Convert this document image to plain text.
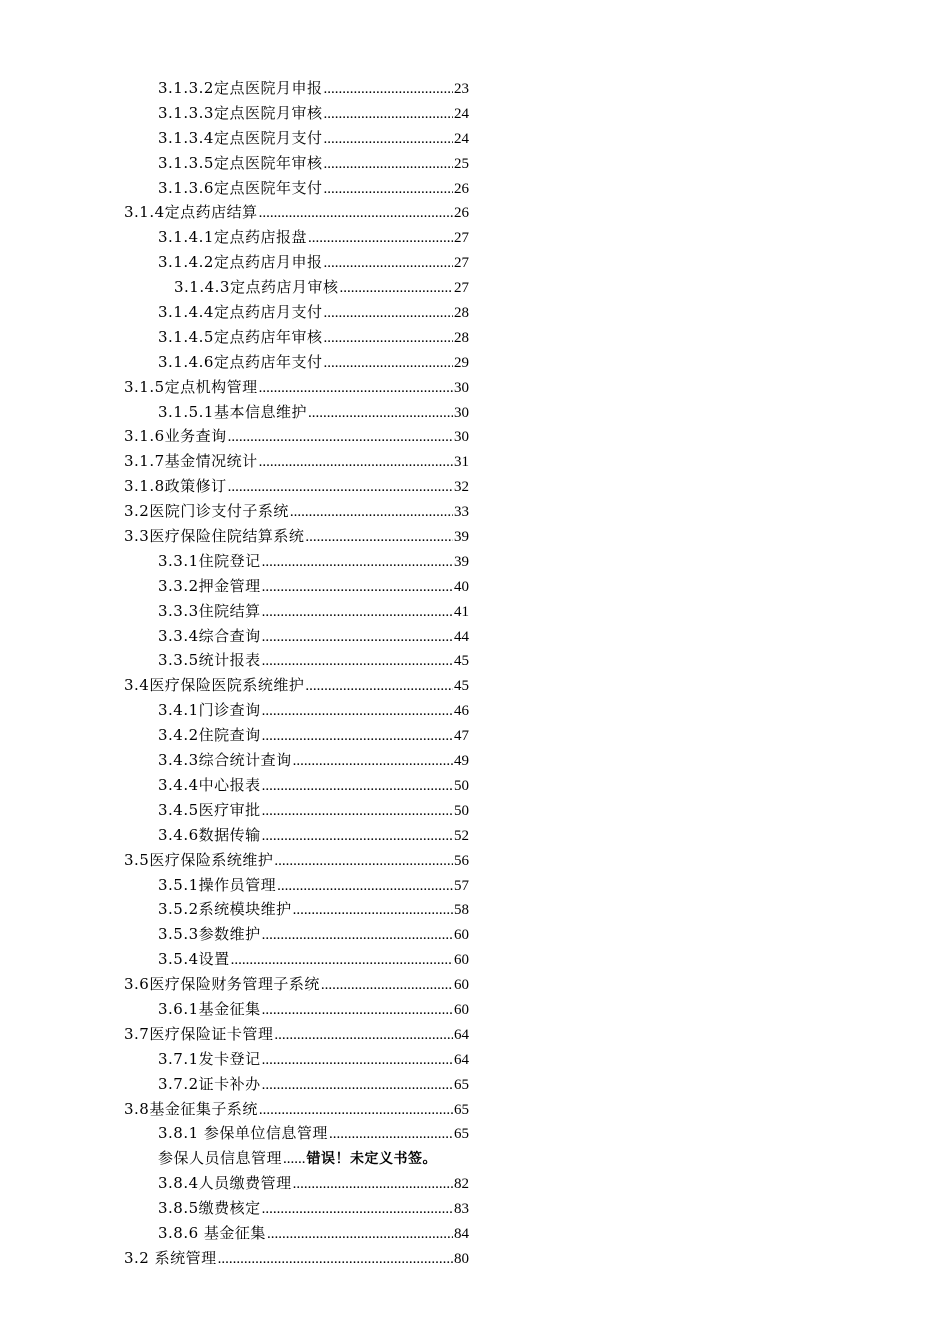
3.1.3.2定点医院月申报 .....	23
3.1.3.3定点医院月审核 .....	24
3.1.3.4定点医院月支付 .....	24
3.1.3.5定点医院年审核 .....	25
3.1.3.6定点医院年支付 .....	26
3.1.4定点药店结算 .....	26
3.1.4.1定点药店报盘 .....	27
3.1.4.2定点药店月申报 .....	27
3.1.4.3定点药店月审核 .....	27
3.1.4.4定点药店月支付 .....	28
3.1.4.5定点药店年审核 .....	28
3.1.4.6定点药店年支付 .....	29
3.1.5定点机构管理 .....	30
3.1.5.1基本信息维护 .....	30
3.1.6业务查询 .....	30
3.1.7基金情况统计 .....	31
3.1.8政策修订 .....	32
3.2医院门诊支付子系统 .....	33
3.3医疗保险住院结算系统 .....	39
3.3.1住院登记 .....	39
3.3.2押金管理 .....	40
3.3.3住院结算 .....	41
3.3.4综合查询 .....	44
3.3.5统计报表 .....	45
3.4医疗保险医院系统维护 .....	45
3.4.1门诊查询 .....	46
3.4.2住院查询 .....	47
3.4.3综合统计查询 .....	49
3.4.4中心报表 .....	50
3.4.5医疗审批 .....	50
3.4.6数据传输 .....	52
3.5医疗保险系统维护 .....	56
3.5.1操作员管理 .....	57
3.5.2系统模块维护 .....	58
3.5.3参数维护 .....	60
3.5.4设置 .....	60
3.6医疗保险财务管理子系统 .....	60
3.6.1基金征集 .....	60
3.7医疗保险证卡管理 .....	64
3.7.1发卡登记 .....	64
3.7.2证卡补办 .....	65
3.8基金征集子系统 .....	65
3.8.1 参保单位信息管理 .....	65
参保人员信息管理 ...... 错误！未定义书签。
3.8.4人员缴费管理 .....	82
3.8.5缴费核定 .....	83
3.8.6 基金征集 .....	84
3.2 系统管理 .....	80
